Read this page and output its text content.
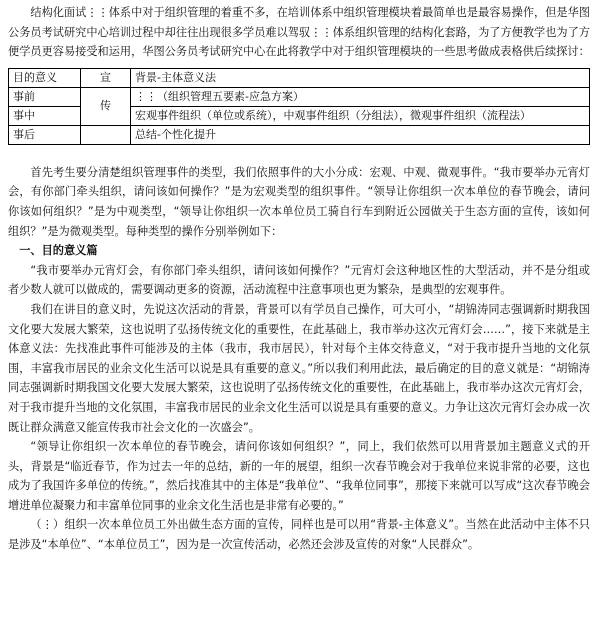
结构化面试⋮⋮体系中对于组织管理的着重不多，在培训体系中组织管理模块着最简单也是最容易操作，但是华图公务员考试研究中心培训过程中却往往出现很多学员难以驾驭⋮⋮体系组织管理的结构化套路，为了方便教学也为了方便学员更容易接受和运用，华图公务员考试研究中心在此将教学中对于组织管理模块的一些思考做成表格供后续探讨：

目的意义	宣	背景-主体意义法
事前	传	⋮⋮（组织管理五要素-应急方案）
事中		宏观事件组织（单位或系统），中观事件组织（分组法），微观事件组织（流程法）
事后		总结-个性化提升

首先考生要分清楚组织管理事件的类型，我们依照事件的大小分成：宏观、中观、微观事件。“我市要举办元宵灯会，有你部门牵头组织，请问该如何操作？”是为宏观类型的组织事件。“领导让你组织一次本单位的春节晚会，请问你该如何组织？”是为中观类型，“领导让你组织一次本单位员工骑自行车到附近公园做关于生态方面的宣传，该如何组织？”是为微观类型。每种类型的操作分别举例如下：

一、目的意义篇

“我市要举办元宵灯会，有你部门牵头组织，请问该如何操作？”元宵灯会这种地区性的大型活动，并不是分组或者少数人就可以做成的，需要调动更多的资源，活动流程中注意事项也更为繁杂，是典型的宏观事件。

我们在讲目的意义时，先说这次活动的背景，背景可以有学员自己操作，可大可小，“胡锦涛同志强调新时期我国文化要大发展大繁荣，这也说明了弘扬传统文化的重要性，在此基础上，我市举办这次元宵灯会……”，接下来就是主体意义法：先找准此事件可能涉及的主体（我市，我市居民），针对每个主体交待意义，“对于我市提升当地的文化氛围，丰富我市居民的业余文化生活可以说是具有重要的意义。”所以我们利用此法，最后确定的目的意义就是：“胡锦涛同志强调新时期我国文化要大发展大繁荣，这也说明了弘扬传统文化的重要性，在此基础上，我市举办这次元宵灯会，对于我市提升当地的文化氛围，丰富我市居民的业余文化生活可以说是具有重要的意义。力争让这次元宵灯会办成一次既让群众满意又能宣传我市社会文化的一次盛会”。

“领导让你组织一次本单位的春节晚会，请问你该如何组织？”，同上，我们依然可以用背景加主题意义式的开头，背景是“临近春节，作为过去一年的总结，新的一年的展望，组织一次春节晚会对于我单位来说非常的必要，这也成为了我国许多单位的传统。”，然后找准其中的主体是“我单位”、“我单位同事”，那接下来就可以写成“这次春节晚会增进单位凝聚力和丰富单位同事的业余文化生活也是非常有必要的。”

（⋮）组织一次本单位员工外出做生态方面的宣传，同样也是可以用“背景-主体意义”。当然在此活动中主体不只是涉及“本单位”、“本单位员工”，因为是一次宣传活动，必然还会涉及宣传的对象“人民群众”。
